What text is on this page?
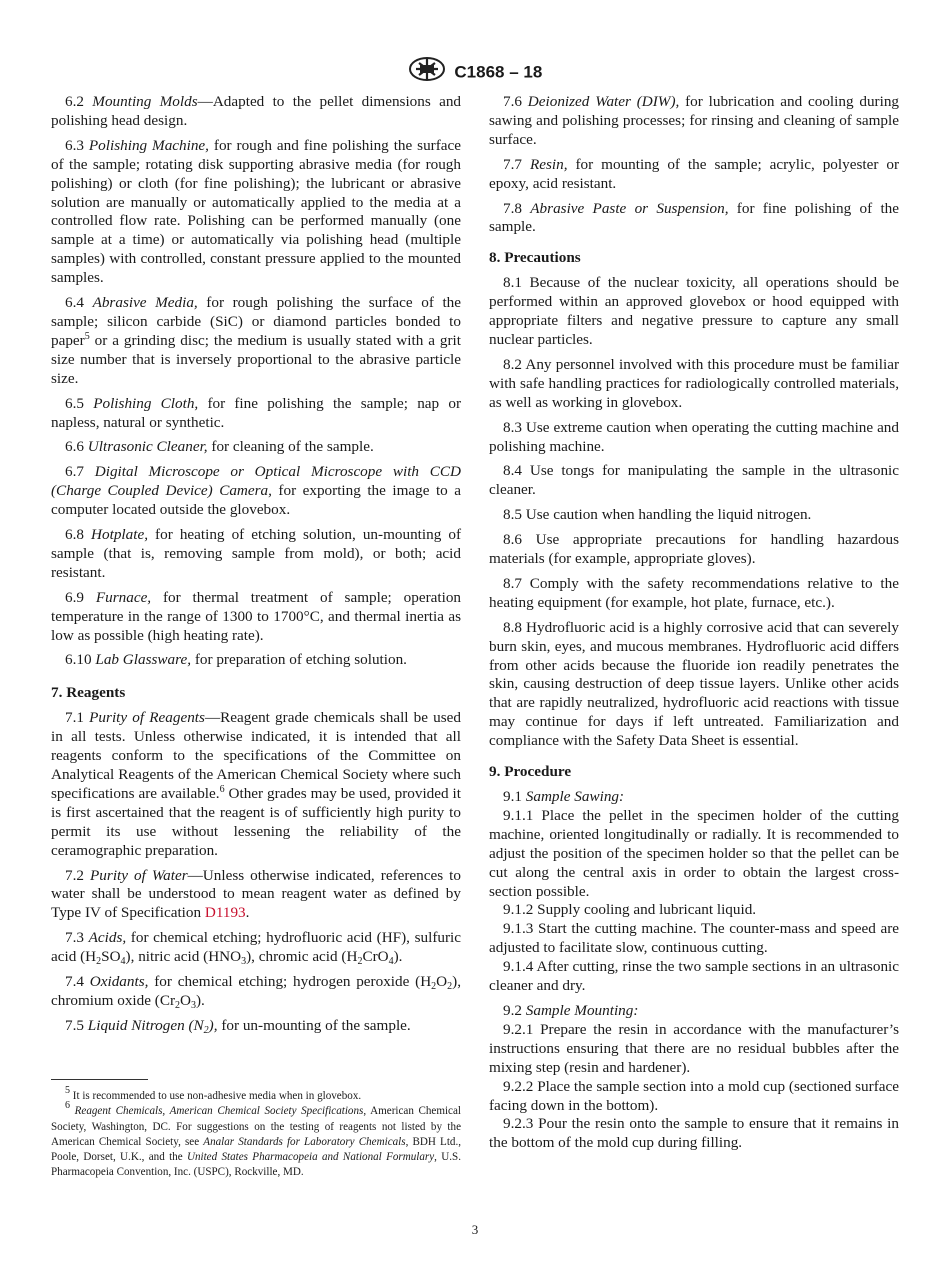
C1868 – 18

6.2 Mounting Molds—Adapted to the pellet dimensions and polishing head design.

6.3 Polishing Machine, for rough and fine polishing the surface of the sample; rotating disk supporting abrasive media (for rough polishing) or cloth (for fine polishing); the lubricant or abrasive solution are manually or automatically applied to the media at a controlled flow rate. Polishing can be performed manually (one sample at a time) or automatically via polishing head (multiple samples) with controlled, constant pressure applied to the mounted samples.

6.4 Abrasive Media, for rough polishing the surface of the sample; silicon carbide (SiC) or diamond particles bonded to paper$^5$ or a grinding disc; the medium is usually stated with a grit size number that is inversely proportional to the abrasive particle size.

6.5 Polishing Cloth, for fine polishing the sample; nap or napless, natural or synthetic.

6.6 Ultrasonic Cleaner, for cleaning of the sample.

6.7 Digital Microscope or Optical Microscope with CCD (Charge Coupled Device) Camera, for exporting the image to a computer located outside the glovebox.

6.8 Hotplate, for heating of etching solution, un-mounting of sample (that is, removing sample from mold), or both; acid resistant.

6.9 Furnace, for thermal treatment of sample; operation temperature in the range of 1300 to 1700°C, and thermal inertia as low as possible (high heating rate).

6.10 Lab Glassware, for preparation of etching solution.

7. Reagents

7.1 Purity of Reagents—Reagent grade chemicals shall be used in all tests. Unless otherwise indicated, it is intended that all reagents conform to the specifications of the Committee on Analytical Reagents of the American Chemical Society where such specifications are available.$^6$ Other grades may be used, provided it is first ascertained that the reagent is of sufficiently high purity to permit its use without lessening the reliability of the ceramographic preparation.

7.2 Purity of Water—Unless otherwise indicated, references to water shall be understood to mean reagent water as defined by Type IV of Specification D1193.

7.3 Acids, for chemical etching; hydrofluoric acid (HF), sulfuric acid $(H_2SO_4)$, nitric acid $(HNO_3)$, chromic acid $(H_2CrO_4)$.

7.4 Oxidants, for chemical etching; hydrogen peroxide $(H_2O_2)$, chromium oxide $(Cr_2O_3)$.

7.5 Liquid Nitrogen $(N_2)$, for un-mounting of the sample.

$^5$ It is recommended to use non-adhesive media when in glovebox.

$^6$ Reagent Chemicals, American Chemical Society Specifications, American Chemical Society, Washington, DC. For suggestions on the testing of reagents not listed by the American Chemical Society, see Analar Standards for Laboratory Chemicals, BDH Ltd., Poole, Dorset, U.K., and the United States Pharmacopeia and National Formulary, U.S. Pharmacopeia Convention, Inc. (USPC), Rockville, MD.

7.6 Deionized Water (DIW), for lubrication and cooling during sawing and polishing processes; for rinsing and cleaning of sample surface.

7.7 Resin, for mounting of the sample; acrylic, polyester or epoxy, acid resistant.

7.8 Abrasive Paste or Suspension, for fine polishing of the sample.

8. Precautions

8.1 Because of the nuclear toxicity, all operations should be performed within an approved glovebox or hood equipped with appropriate filters and negative pressure to capture any small nuclear particles.

8.2 Any personnel involved with this procedure must be familiar with safe handling practices for radiologically controlled materials, as well as working in glovebox.

8.3 Use extreme caution when operating the cutting machine and polishing machine.

8.4 Use tongs for manipulating the sample in the ultrasonic cleaner.

8.5 Use caution when handling the liquid nitrogen.

8.6 Use appropriate precautions for handling hazardous materials (for example, appropriate gloves).

8.7 Comply with the safety recommendations relative to the heating equipment (for example, hot plate, furnace, etc.).

8.8 Hydrofluoric acid is a highly corrosive acid that can severely burn skin, eyes, and mucous membranes. Hydrofluoric acid differs from other acids because the fluoride ion readily penetrates the skin, causing destruction of deep tissue layers. Unlike other acids that are rapidly neutralized, hydrofluoric acid reactions with tissue may continue for days if left untreated. Familiarization and compliance with the Safety Data Sheet is essential.

9. Procedure

9.1 Sample Sawing:

9.1.1 Place the pellet in the specimen holder of the cutting machine, oriented longitudinally or radially. It is recommended to adjust the position of the specimen holder so that the pellet can be cut along the central axis in order to obtain the largest cross-section possible.

9.1.2 Supply cooling and lubricant liquid.

9.1.3 Start the cutting machine. The counter-mass and speed are adjusted to facilitate slow, continuous cutting.

9.1.4 After cutting, rinse the two sample sections in an ultrasonic cleaner and dry.

9.2 Sample Mounting:

9.2.1 Prepare the resin in accordance with the manufacturer’s instructions ensuring that there are no residual bubbles after the mixing step (resin and hardener).

9.2.2 Place the sample section into a mold cup (sectioned surface facing down in the bottom).

9.2.3 Pour the resin onto the sample to ensure that it remains in the bottom of the mold cup during filling.

3
